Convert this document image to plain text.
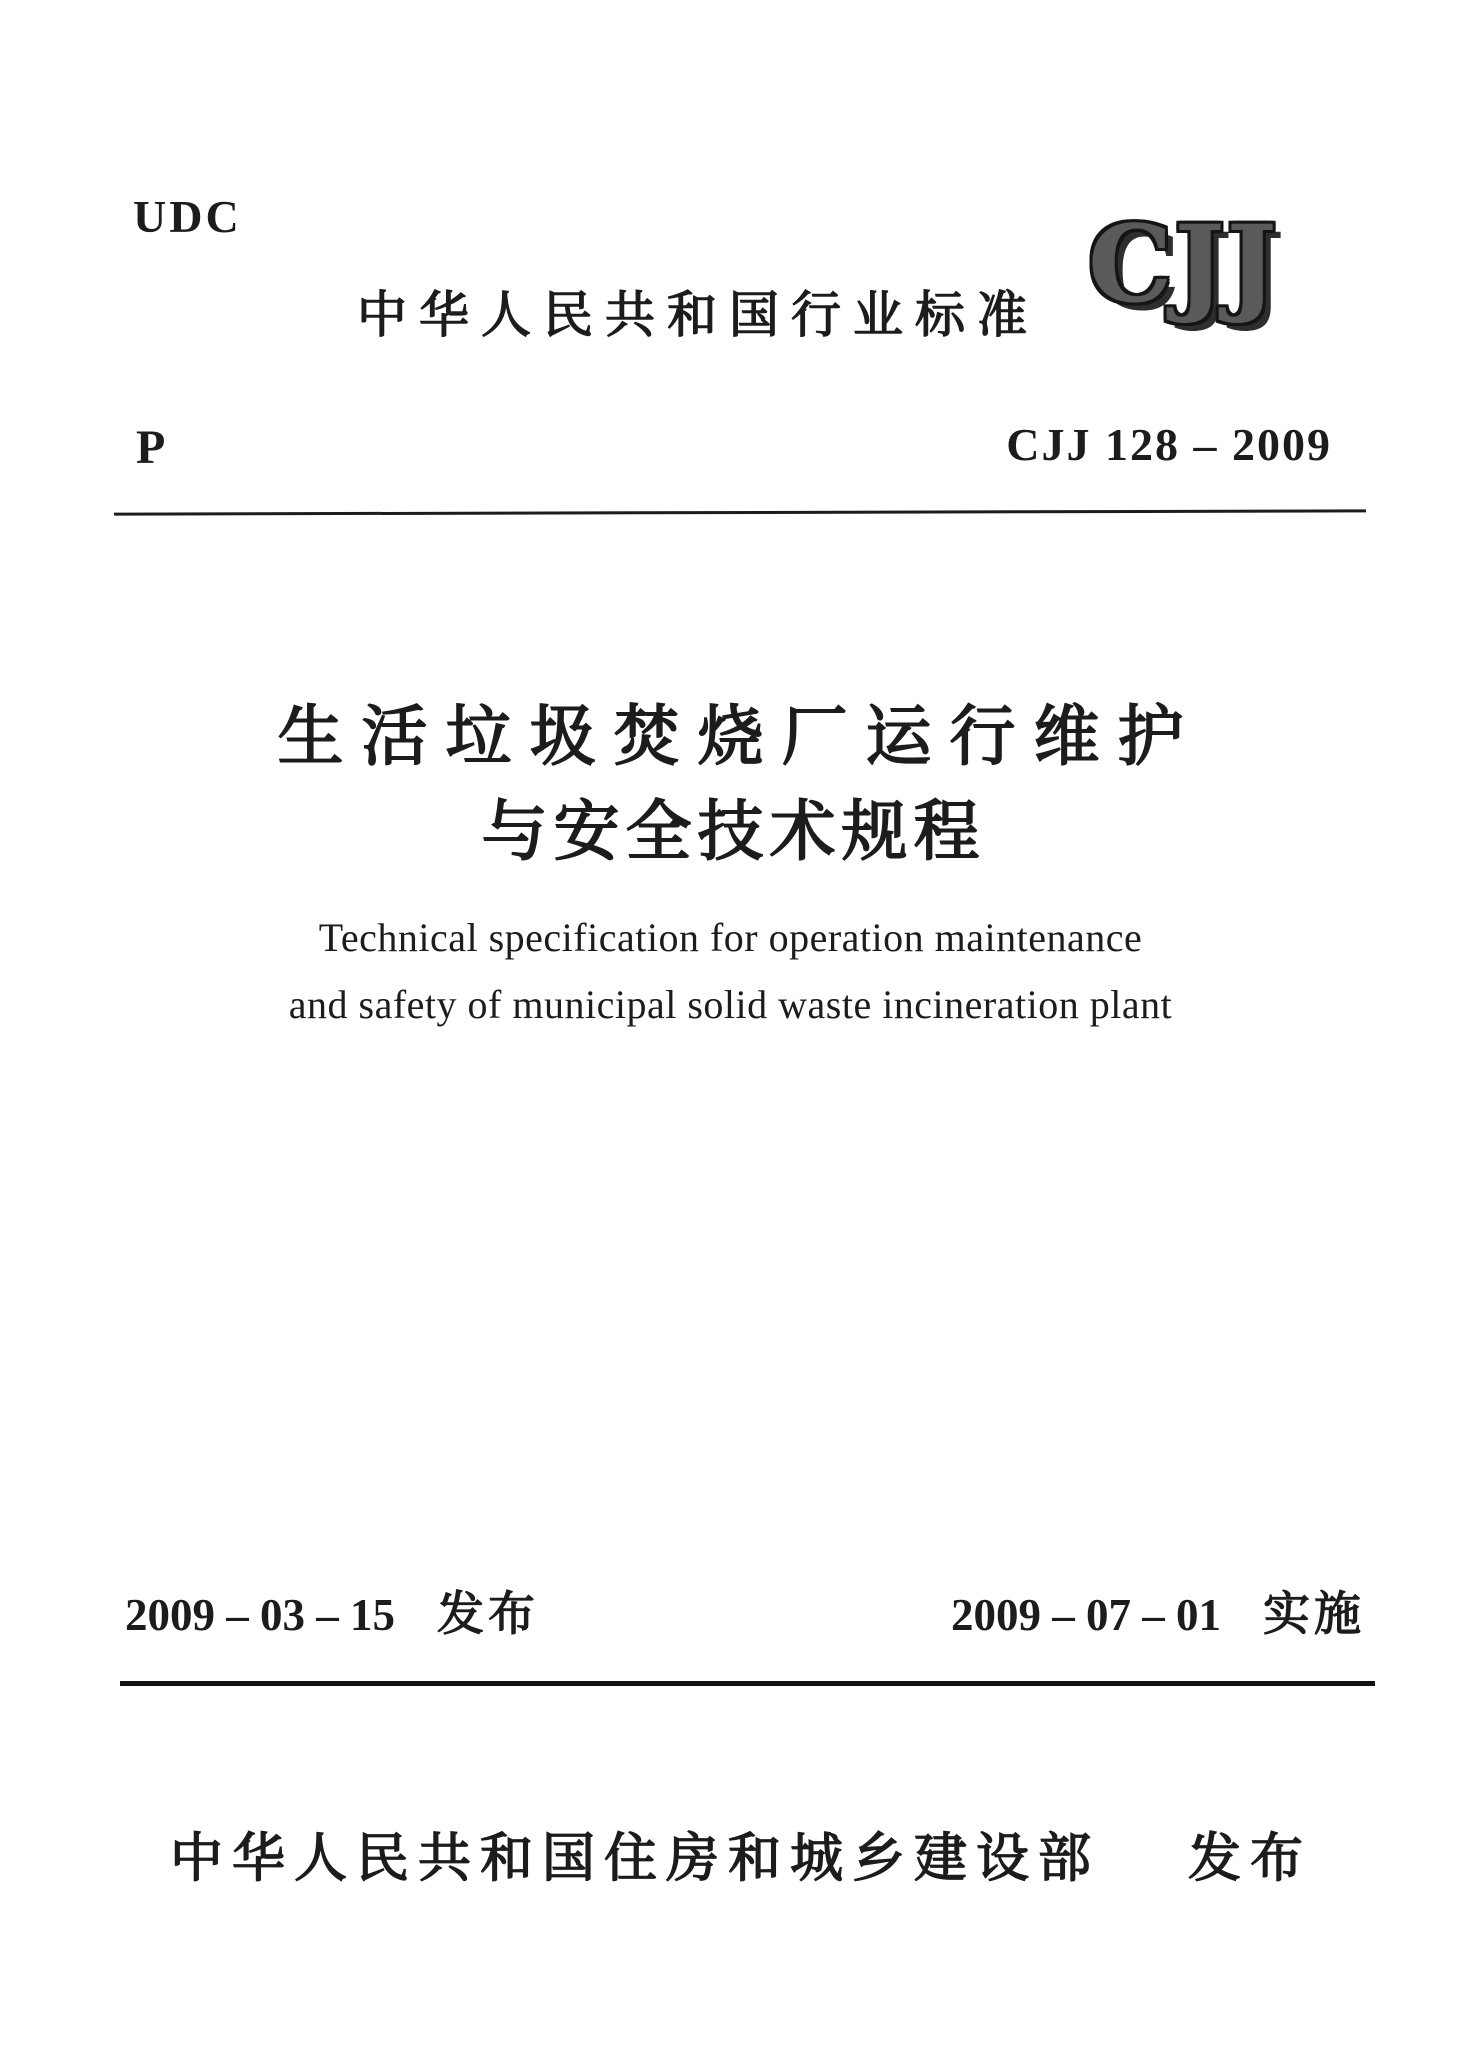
UDC
中华人民共和国行业标准 CJJ
P	CJJ 128 – 2009
生活垃圾焚烧厂运行维护
与安全技术规程
Technical specification for operation maintenance
and safety of municipal solid waste incineration plant
2009 – 03 – 15 发布	2009 – 07 – 01 实施
中华人民共和国住房和城乡建设部 发布
